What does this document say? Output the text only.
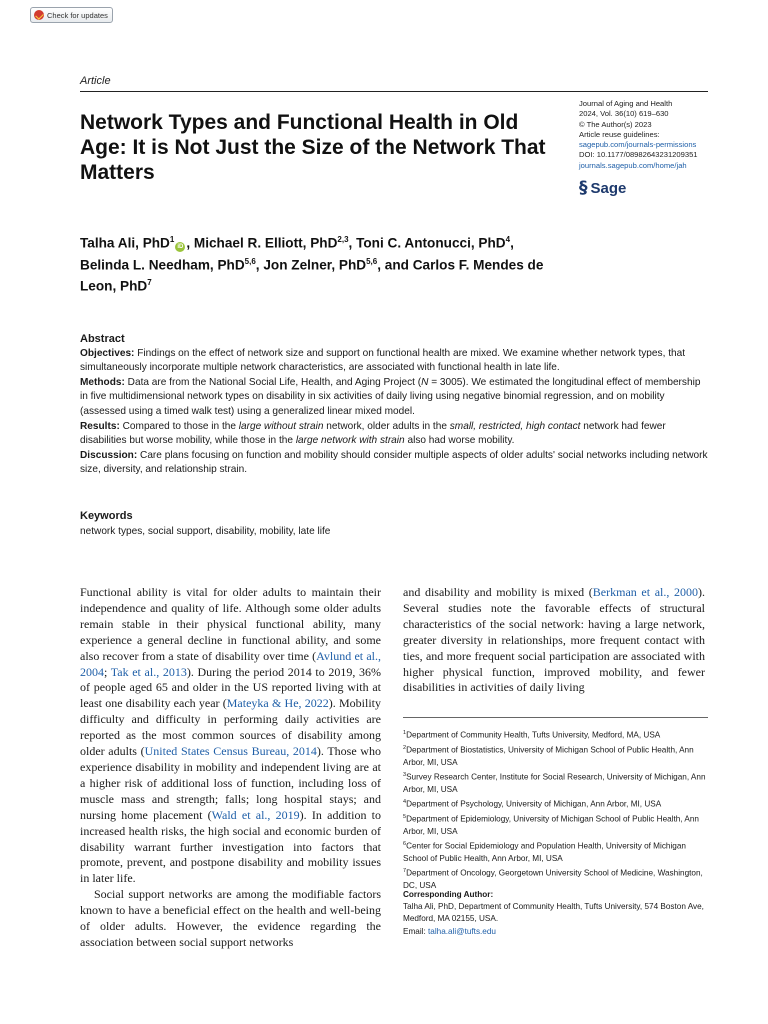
Check for updates
Article
Network Types and Functional Health in Old Age: It is Not Just the Size of the Network That Matters
Journal of Aging and Health
2024, Vol. 36(10) 619–630
© The Author(s) 2023
Article reuse guidelines:
sagepub.com/journals-permissions
DOI: 10.1177/08982643231209351
journals.sagepub.com/home/jah
§ Sage
Talha Ali, PhD$^1$iD , Michael R. Elliott, PhD$^{2,3}$, Toni C. Antonucci, PhD$^4$, Belinda L. Needham, PhD$^{5,6}$, Jon Zelner, PhD$^{5,6}$, and Carlos F. Mendes de Leon, PhD$^7$
Abstract
Objectives: Findings on the effect of network size and support on functional health are mixed. We examine whether network types, that simultaneously incorporate multiple network characteristics, are associated with functional health in late life.
Methods: Data are from the National Social Life, Health, and Aging Project (N = 3005). We estimated the longitudinal effect of membership in five multidimensional network types on disability in six activities of daily living using negative binomial regression, and on mobility (assessed using a timed walk test) using a generalized linear mixed model.
Results: Compared to those in the large without strain network, older adults in the small, restricted, high contact network had fewer disabilities but worse mobility, while those in the large network with strain also had worse mobility.
Discussion: Care plans focusing on function and mobility should consider multiple aspects of older adults' social networks including network size, diversity, and relationship strain.
Keywords
network types, social support, disability, mobility, late life

Functional ability is vital for older adults to maintain their independence and quality of life. Although some older adults remain stable in their physical functional ability, many experience a general decline in functional ability, and some also recover from a state of disability over time (Avlund et al., 2004; Tak et al., 2013). During the period 2014 to 2019, 36% of people aged 65 and older in the US reported living with at least one disability each year (Mateyka & He, 2022). Mobility difficulty and difficulty in performing daily activities are reported as the most common sources of disability among older adults (United States Census Bureau, 2014). Those who experience disability in mobility and independent living are at a higher risk of additional loss of function, including loss of muscle mass and strength; falls; long hospital stays; and nursing home placement (Wald et al., 2019). In addition to increased health risks, the high social and economic burden of disability warrant further investigation into factors that promote, prevent, and postpone disability and mobility issues in later life.

Social support networks are among the modifiable factors known to have a beneficial effect on the health and well-being of older adults. However, the evidence regarding the association between social support networks

and disability and mobility is mixed (Berkman et al., 2000). Several studies note the favorable effects of structural characteristics of the social network: having a large network, greater diversity in relationships, more frequent contact with ties, and more frequent social participation are associated with higher physical function, improved mobility, and fewer disabilities in activities of daily living

$^1$Department of Community Health, Tufts University, Medford, MA, USA
$^2$Department of Biostatistics, University of Michigan School of Public Health, Ann Arbor, MI, USA
$^3$Survey Research Center, Institute for Social Research, University of Michigan, Ann Arbor, MI, USA
$^4$Department of Psychology, University of Michigan, Ann Arbor, MI, USA
$^5$Department of Epidemiology, University of Michigan School of Public Health, Ann Arbor, MI, USA
$^6$Center for Social Epidemiology and Population Health, University of Michigan School of Public Health, Ann Arbor, MI, USA
$^7$Department of Oncology, Georgetown University School of Medicine, Washington, DC, USA
Corresponding Author:
Talha Ali, PhD, Department of Community Health, Tufts University, 574 Boston Ave, Medford, MA 02155, USA.
Email: talha.ali@tufts.edu
